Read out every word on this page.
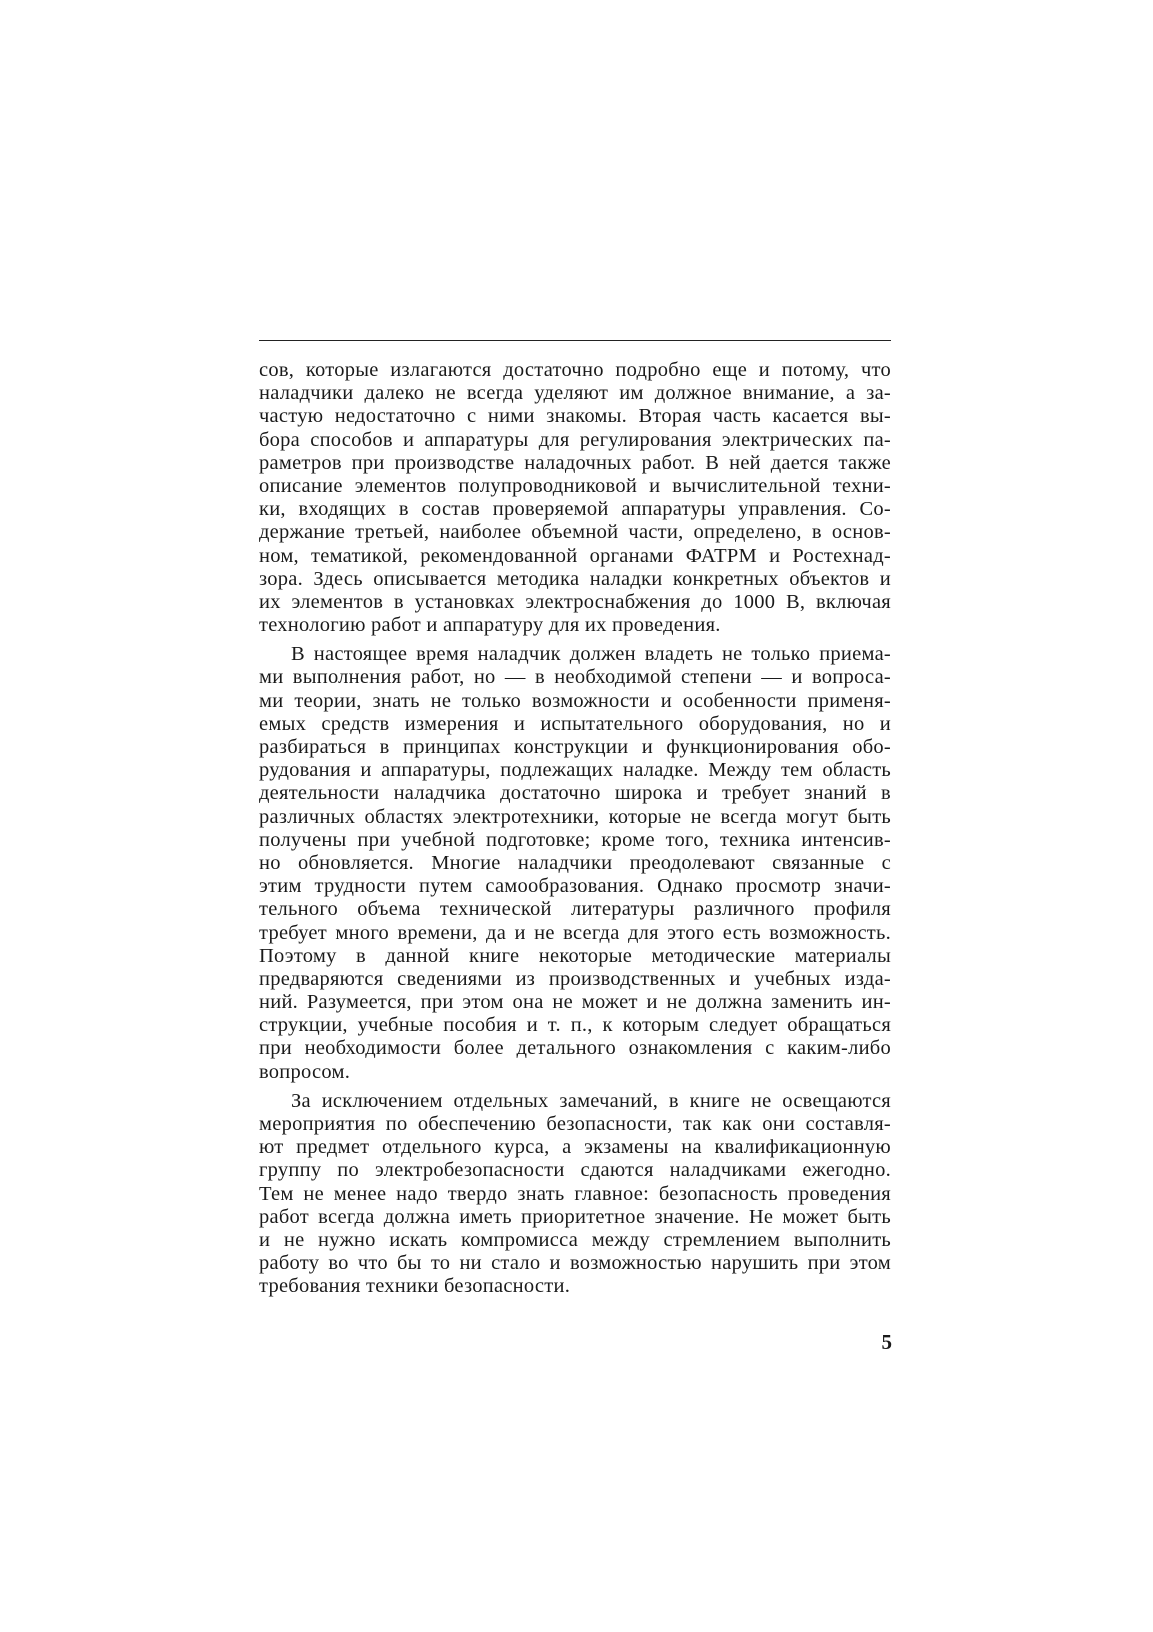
сов, которые излагаются достаточно подробно еще и потому, что
наладчики далеко не всегда уделяют им должное внимание, а за-
частую недостаточно с ними знакомы. Вторая часть касается вы-
бора способов и аппаратуры для регулирования электрических па-
раметров при производстве наладочных работ. В ней дается также
описание элементов полупроводниковой и вычислительной техни-
ки, входящих в состав проверяемой аппаратуры управления. Со-
держание третьей, наиболее объемной части, определено, в основ-
ном, тематикой, рекомендованной органами ФАТРМ и Ростехнад-
зора. Здесь описывается методика наладки конкретных объектов и
их элементов в установках электроснабжения до 1000 В, включая
технологию работ и аппаратуру для их проведения.
В настоящее время наладчик должен владеть не только приема-
ми выполнения работ, но — в необходимой степени — и вопроса-
ми теории, знать не только возможности и особенности применя-
емых средств измерения и испытательного оборудования, но и
разбираться в принципах конструкции и функционирования обо-
рудования и аппаратуры, подлежащих наладке. Между тем область
деятельности наладчика достаточно широка и требует знаний в
различных областях электротехники, которые не всегда могут быть
получены при учебной подготовке; кроме того, техника интенсив-
но обновляется. Многие наладчики преодолевают связанные с
этим трудности путем самообразования. Однако просмотр значи-
тельного объема технической литературы различного профиля
требует много времени, да и не всегда для этого есть возможность.
Поэтому в данной книге некоторые методические материалы
предваряются сведениями из производственных и учебных изда-
ний. Разумеется, при этом она не может и не должна заменить ин-
струкции, учебные пособия и т. п., к которым следует обращаться
при необходимости более детального ознакомления с каким-либо
вопросом.
За исключением отдельных замечаний, в книге не освещаются
мероприятия по обеспечению безопасности, так как они составля-
ют предмет отдельного курса, а экзамены на квалификационную
группу по электробезопасности сдаются наладчиками ежегодно.
Тем не менее надо твердо знать главное: безопасность проведения
работ всегда должна иметь приоритетное значение. Не может быть
и не нужно искать компромисса между стремлением выполнить
работу во что бы то ни стало и возможностью нарушить при этом
требования техники безопасности.
5
